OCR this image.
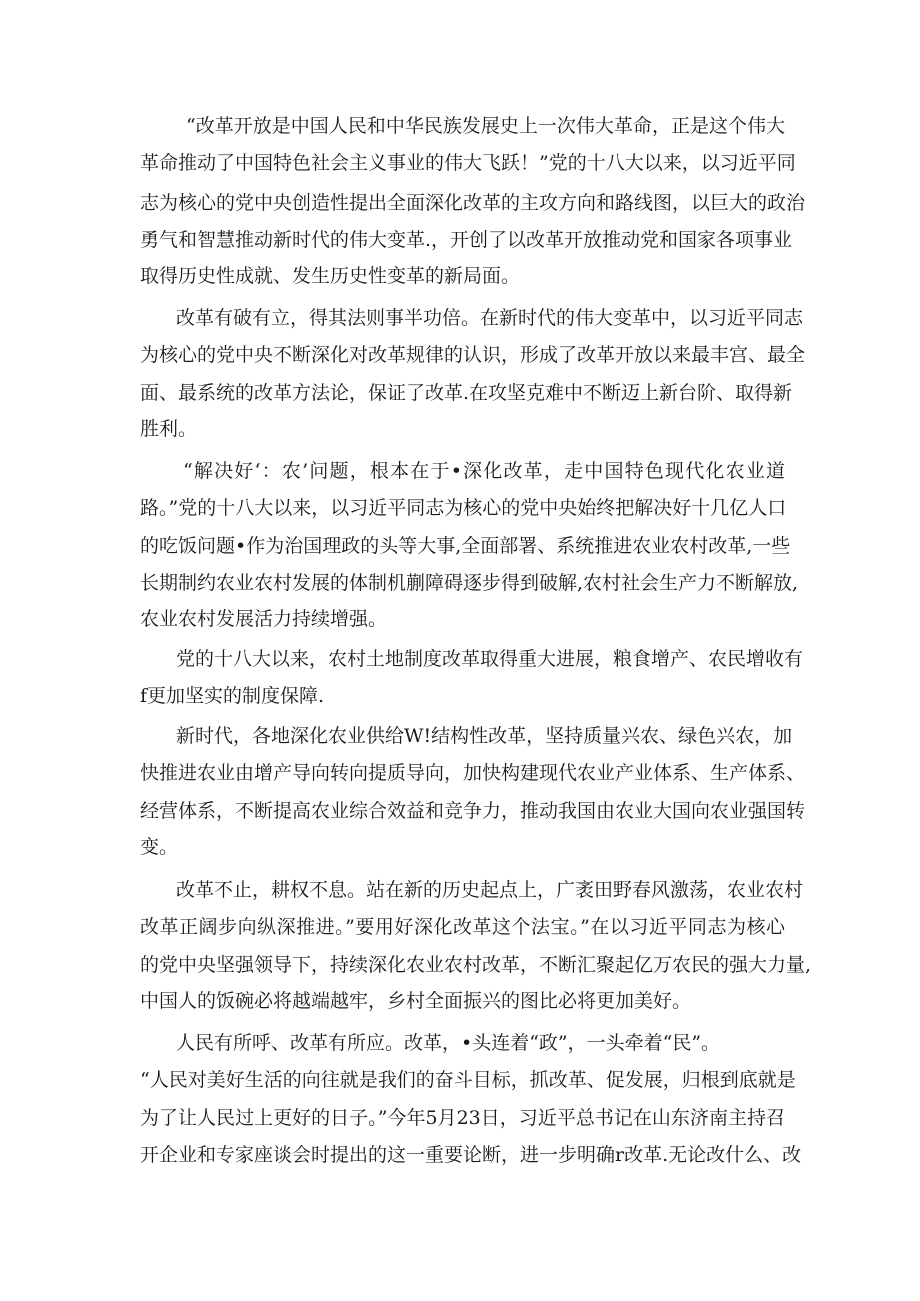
“改革开放是中国人民和中华民族发展史上一次伟大革命，正是这个伟大

革命推动了中国特色社会主义事业的伟大飞跃！”党的十八大以来，以习近平同

志为核心的党中央创造性提出全面深化改革的主攻方向和路线图，以巨大的政治

勇气和智慧推动新时代的伟大变革.，开创了以改革开放推动党和国家各项事业

取得历史性成就、发生历史性变革的新局面。

改革有破有立，得其法则事半功倍。在新时代的伟大变革中，以习近平同志

为核心的党中央不断深化对改革规律的认识，形成了改革开放以来最丰宫、最全

面、最系统的改革方法论，保证了改革.在攻坚克难中不断迈上新台阶、取得新

胜利。

“解决好‘：农’问题，根本在于•深化改革，走中国特色现代化农业道

路。”党的十八大以来，以习近平同志为核心的党中央始终把解决好十几亿人口

的吃饭问题•作为治国理政的头等大事,全面部署、系统推进农业农村改革,一些

长期制约农业农村发展的体制机蒯障碍逐步得到破解,农村社会生产力不断解放,

农业农村发展活力持续增强。

党的十八大以来，农村土地制度改革取得重大进展，粮食增产、农民增收有

f更加坚实的制度保障.

新时代，各地深化农业供给W!结构性改革，坚持质量兴农、绿色兴农，加

快推进农业由增产导向转向提质导向，加快构建现代农业产业体系、生产体系、

经营体系，不断提高农业综合效益和竞争力，推动我国由农业大国向农业强国转

变。

改革不止，耕权不息。站在新的历史起点上，广袤田野春风激荡，农业农村

改革正阔步向纵深推进。”要用好深化改革这个法宝。”在以习近平同志为核心

的党中央坚强领导下，持续深化农业农村改革，不断汇聚起亿万农民的强大力量,

中国人的饭碗必将越端越牢，乡村全面振兴的图比必将更加美好。

人民有所呼、改革有所应。改革，•头连着“政”，一头牵着“民”。

“人民对美好生活的向往就是我们的奋斗目标，抓改革、促发展，归根到底就是

为了让人民过上更好的日子。”今年5月23日，习近平总书记在山东济南主持召

开企业和专家座谈会时提出的这一重要论断，进一步明确r改革.无论改什么、改
